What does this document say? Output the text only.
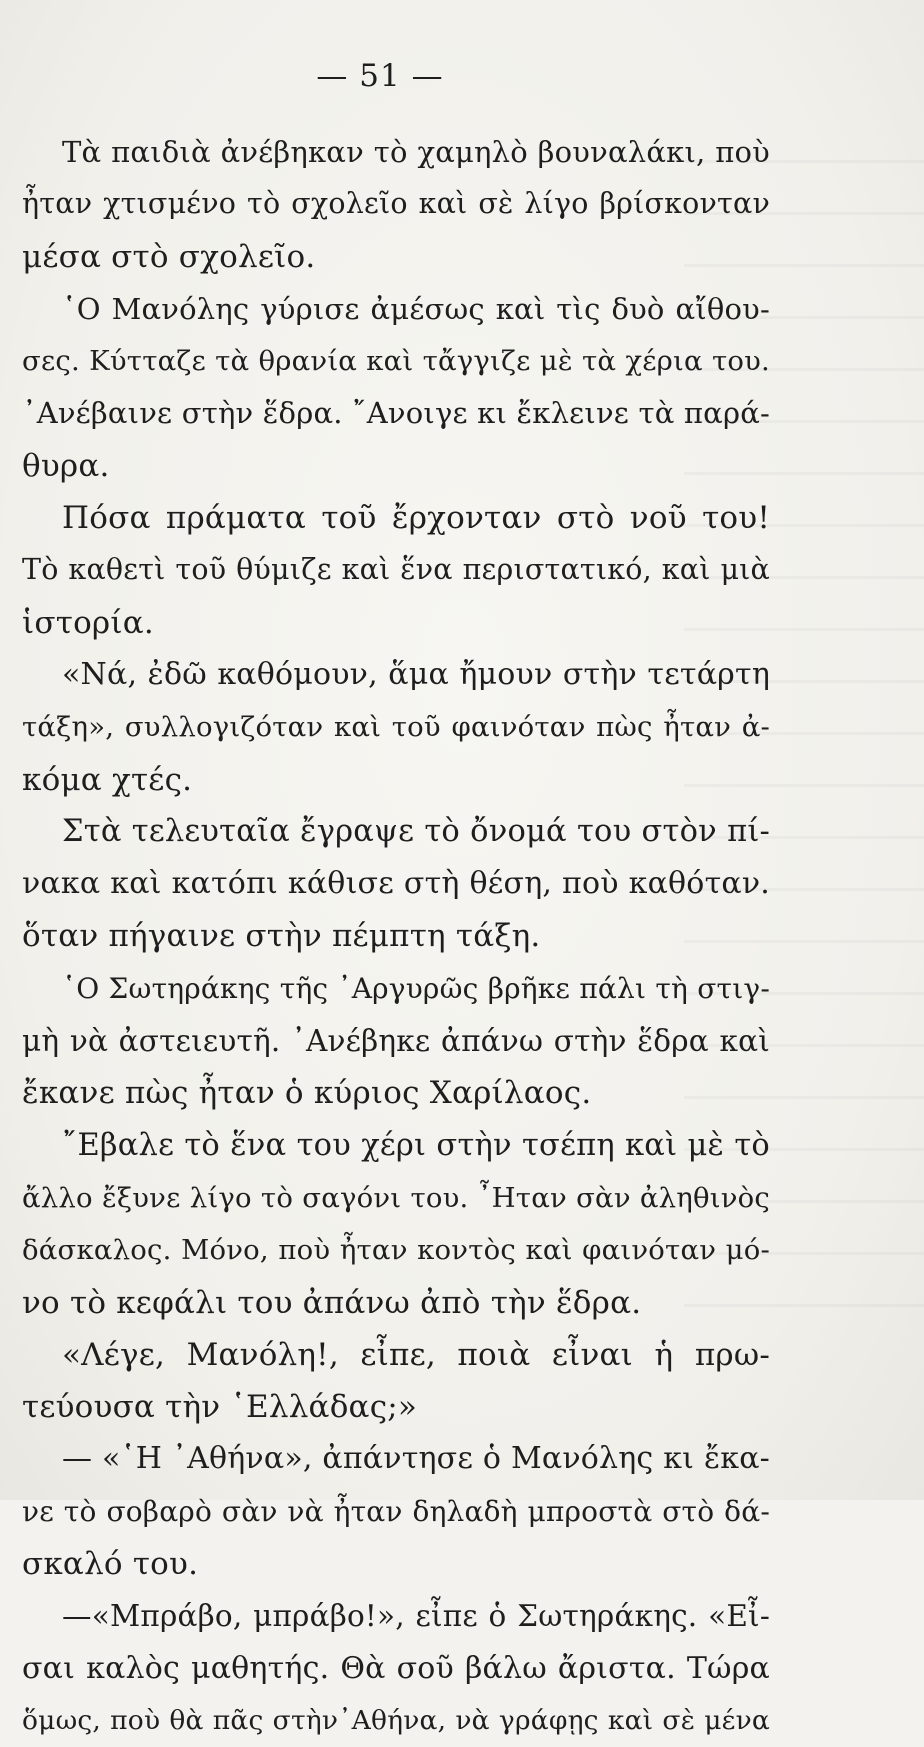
— 51 —
Τὰ παιδιὰ ἀνέβηκαν τὸ χαμηλὸ βουναλάκι, ποὺ
ἦταν χτισμένο τὸ σχολεῖο καὶ σὲ λίγο βρίσκονταν
μέσα στὸ σχολεῖο.
῾Ο Μανόλης γύρισε ἀμέσως καὶ τὶς δυὸ αἴθου-
σες. Κύτταζε τὰ θρανία καὶ τἄγγιζε μὲ τὰ χέρια του.
᾿Ανέβαινε στὴν ἕδρα. ῎Ανοιγε κι ἔκλεινε τὰ παρά-
θυρα.
Πόσα πράματα τοῦ ἔρχονταν στὸ νοῦ του!
Τὸ καθετὶ τοῦ θύμιζε καὶ ἕνα περιστατικό, καὶ μιὰ
ἱστορία.
«Νά, ἐδῶ καθόμουν, ἅμα ἤμουν στὴν τετάρτη
τάξη», συλλογιζόταν καὶ τοῦ φαινόταν πὼς ἦταν ἀ-
κόμα χτές.
Στὰ τελευταῖα ἔγραψε τὸ ὄνομά του στὸν πί-
νακα καὶ κατόπι κάθισε στὴ θέση, ποὺ καθόταν.
ὅταν πήγαινε στὴν πέμπτη τάξη.
῾Ο Σωτηράκης τῆς ᾿Αργυρῶς βρῆκε πάλι τὴ στιγ-
μὴ νὰ ἀστειευτῆ. ᾿Ανέβηκε ἀπάνω στὴν ἕδρα καὶ
ἔκανε πὼς ἦταν ὁ κύριος Χαρίλαος.
῎Εβαλε τὸ ἕνα του χέρι στὴν τσέπη καὶ μὲ τὸ
ἄλλο ἔξυνε λίγο τὸ σαγόνι του. ῏Ηταν σὰν ἀληθινὸς
δάσκαλος. Μόνο, ποὺ ἦταν κοντὸς καὶ φαινόταν μό-
νο τὸ κεφάλι του ἀπάνω ἀπὸ τὴν ἕδρα.
«Λέγε, Μανόλη!, εἶπε, ποιὰ εἶναι ἡ πρω-
τεύουσα τὴν ῾Ελλάδας;»
— «῾Η ᾿Αθήνα», ἀπάντησε ὁ Μανόλης κι ἔκα-
νε τὸ σοβαρὸ σὰν νὰ ἦταν δηλαδὴ μπροστὰ στὸ δά-
σκαλό του.
—«Μπράβο, μπράβο!», εἶπε ὁ Σωτηράκης. «Εἶ-
σαι καλὸς μαθητής. Θὰ σοῦ βάλω ἄριστα. Τώρα
ὅμως, ποὺ θὰ πᾶς στὴν᾿Αθήνα, νὰ γράφῃς καὶ σὲ μένα
